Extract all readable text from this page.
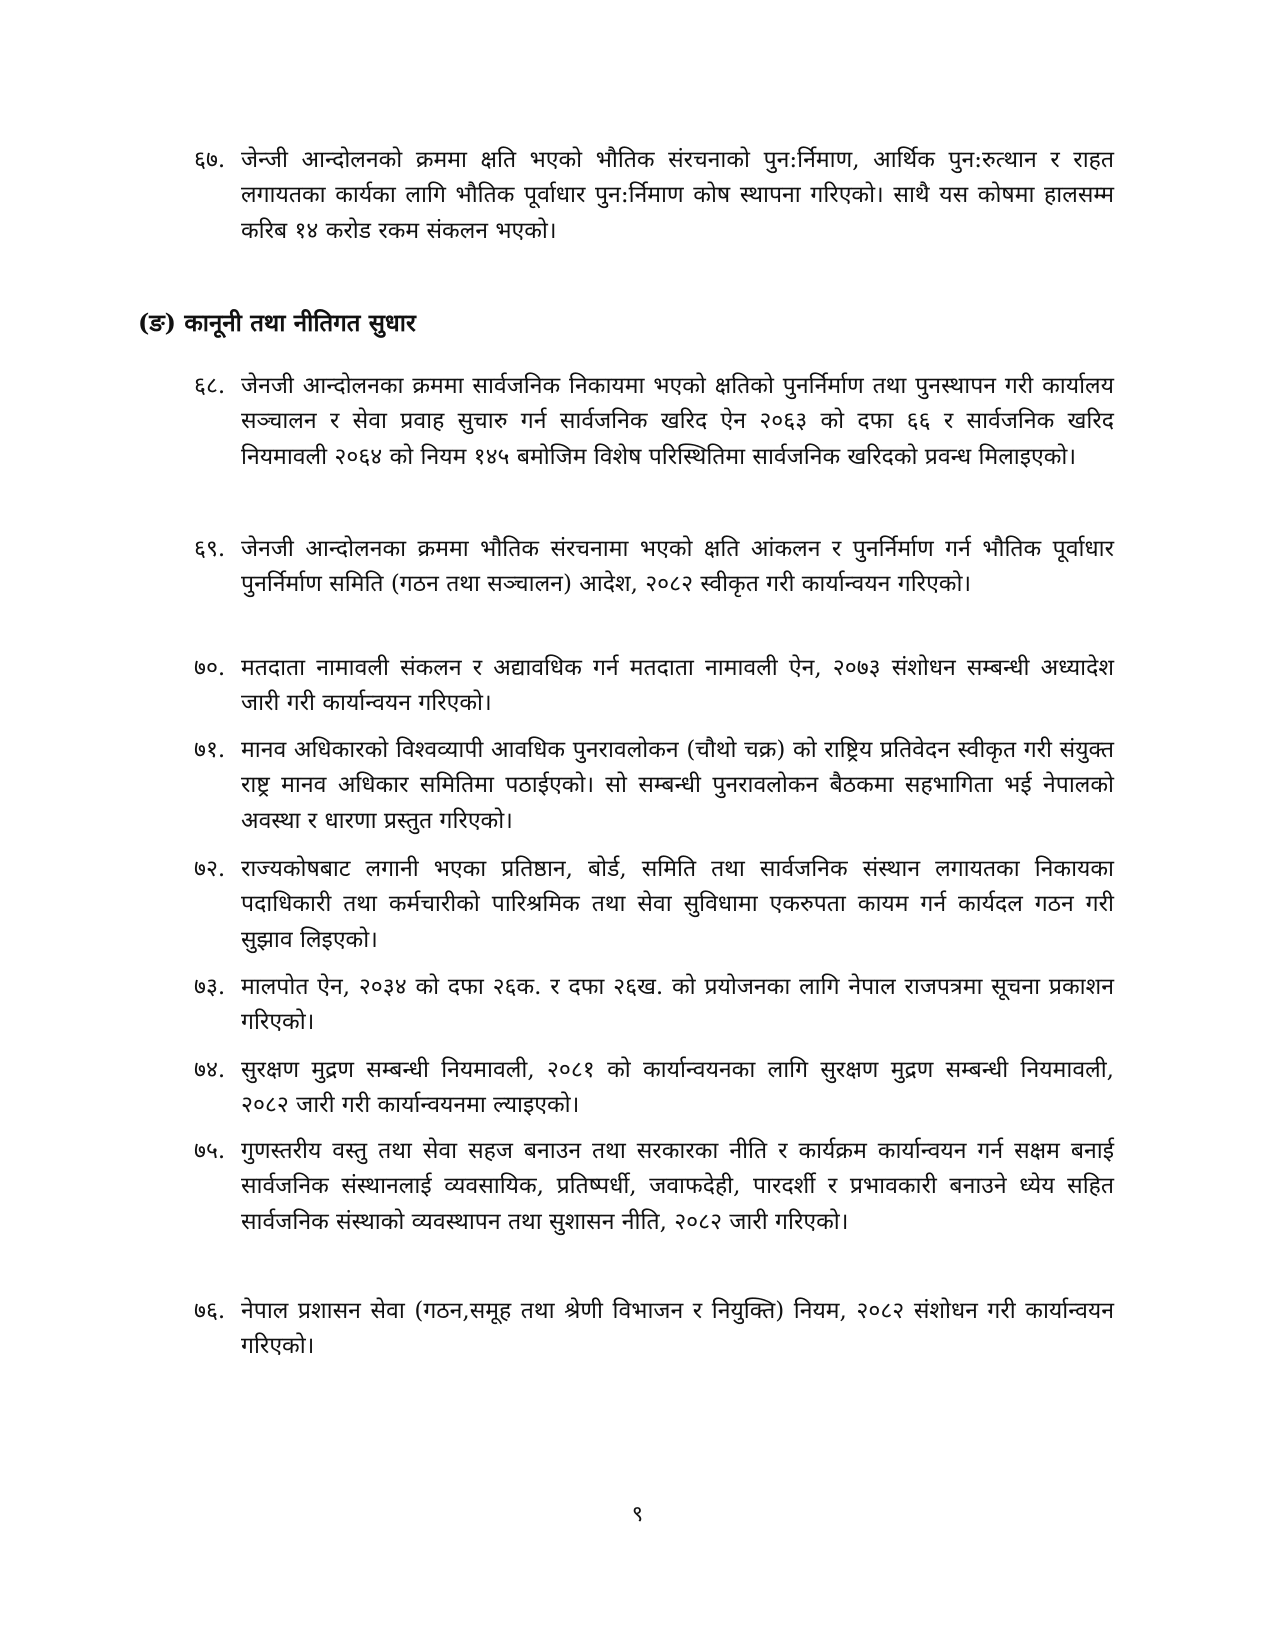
६७. जेन्जी आन्दोलनको क्रममा क्षति भएको भौतिक संरचनाको पुन:र्निमाण, आर्थिक पुन:रुत्थान र राहत लगायतका कार्यका लागि भौतिक पूर्वाधार पुन:र्निमाण कोष स्थापना गरिएको। साथै यस कोषमा हालसम्म करिब १४ करोड रकम संकलन भएको।
(ङ) कानूनी तथा नीतिगत सुधार
६८. जेनजी आन्दोलनका क्रममा सार्वजनिक निकायमा भएको क्षतिको पुनर्निर्माण तथा पुनस्थापन गरी कार्यालय सञ्चालन र सेवा प्रवाह सुचारु गर्न सार्वजनिक खरिद ऐन २०६३ को दफा ६६ र सार्वजनिक खरिद नियमावली २०६४ को नियम १४५ बमोजिम विशेष परिस्थितिमा सार्वजनिक खरिदको प्रवन्ध मिलाइएको।
६९. जेनजी आन्दोलनका क्रममा भौतिक संरचनामा भएको क्षति आंकलन र पुनर्निर्माण गर्न भौतिक पूर्वाधार पुनर्निर्माण समिति (गठन तथा सञ्चालन) आदेश, २०८२ स्वीकृत गरी कार्यान्वयन गरिएको।
७०. मतदाता नामावली संकलन र अद्यावधिक गर्न मतदाता नामावली ऐन, २०७३ संशोधन सम्बन्धी अध्यादेश जारी गरी कार्यान्वयन गरिएको।
७१. मानव अधिकारको विश्वव्यापी आवधिक पुनरावलोकन (चौथो चक्र) को राष्ट्रिय प्रतिवेदन स्वीकृत गरी संयुक्त राष्ट्र मानव अधिकार समितिमा पठाईएको। सो सम्बन्धी पुनरावलोकन बैठकमा सहभागिता भई नेपालको अवस्था र धारणा प्रस्तुत गरिएको।
७२. राज्यकोषबाट लगानी भएका प्रतिष्ठान, बोर्ड, समिति तथा सार्वजनिक संस्थान लगायतका निकायका पदाधिकारी तथा कर्मचारीको पारिश्रमिक तथा सेवा सुविधामा एकरुपता कायम गर्न कार्यदल गठन गरी सुझाव लिइएको।
७३. मालपोत ऐन, २०३४ को दफा २६क. र दफा २६ख. को प्रयोजनका लागि नेपाल राजपत्रमा सूचना प्रकाशन गरिएको।
७४. सुरक्षण मुद्रण सम्बन्धी नियमावली, २०८१ को कार्यान्वयनका लागि सुरक्षण मुद्रण सम्बन्धी नियमावली, २०८२ जारी गरी कार्यान्वयनमा ल्याइएको।
७५. गुणस्तरीय वस्तु तथा सेवा सहज बनाउन तथा सरकारका नीति र कार्यक्रम कार्यान्वयन गर्न सक्षम बनाई सार्वजनिक संस्थानलाई व्यवसायिक, प्रतिष्पर्धी, जवाफदेही, पारदर्शी र प्रभावकारी बनाउने ध्येय सहित सार्वजनिक संस्थाको व्यवस्थापन तथा सुशासन नीति, २०८२ जारी गरिएको।
७६. नेपाल प्रशासन सेवा (गठन,समूह तथा श्रेणी विभाजन र नियुक्ति) नियम, २०८२ संशोधन गरी कार्यान्वयन गरिएको।
९
